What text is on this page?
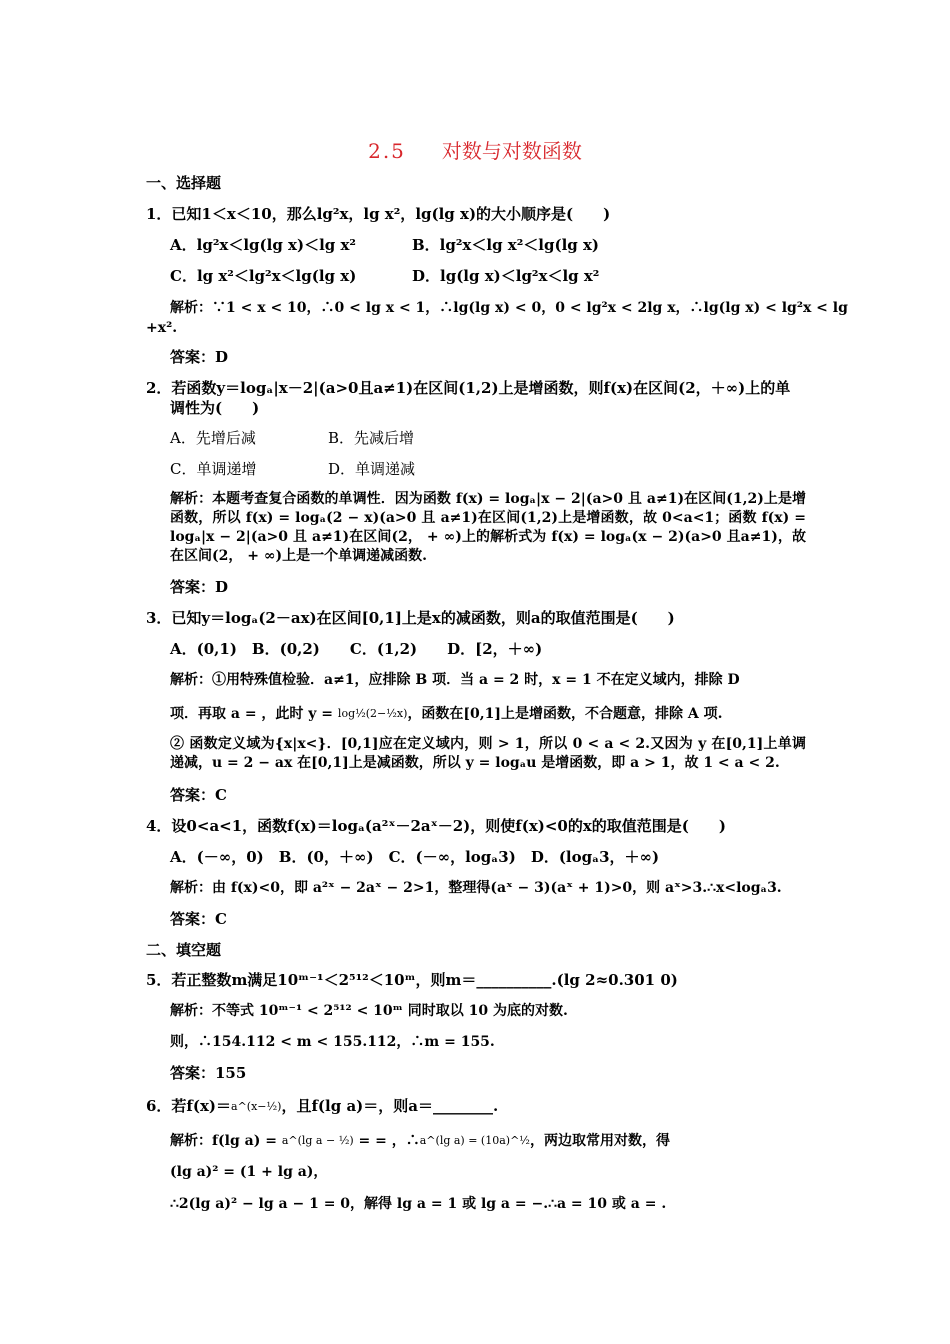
2.5 对数与对数函数
一、选择题
1．已知1＜x＜10，那么lg²x，lg x²，lg(lg x)的大小顺序是(　　)
A．lg²x＜lg(lg x)＜lg x²	B．lg²x＜lg x²＜lg(lg x)
C．lg x²＜lg²x＜lg(lg x)	D．lg(lg x)＜lg²x＜lg x²
解析：∵1 < x < 10，∴0 < lg x < 1，∴lg(lg x) < 0，0 < lg²x < 2lg x，∴lg(lg x) < lg²x < lg
+x².
答案：D
2．若函数y＝logₐ|x－2|(a>0且a≠1)在区间(1,2)上是增函数，则f(x)在区间(2，＋∞)上的单
调性为(　　)
A．先增后减	B．先减后增
C．单调递增	D．单调递减
解析：本题考查复合函数的单调性．因为函数 f(x) = logₐ|x − 2|(a>0 且 a≠1)在区间(1,2)上是增函数，所以 f(x) = logₐ(2 − x)(a>0 且 a≠1)在区间(1,2)上是增函数，故 0<a<1；函数 f(x) = logₐ|x − 2|(a>0 且 a≠1)在区间(2， + ∞)上的解析式为 f(x) = logₐ(x − 2)(a>0 且a≠1)，故在区间(2， + ∞)上是一个单调递减函数.
答案：D
3．已知y＝logₐ(2－ax)在区间[0,1]上是x的减函数，则a的取值范围是(　　)
A．(0,1)　B．(0,2)　　C．(1,2)　　D．[2，＋∞)
解析：①用特殊值检验．a≠1，应排除 B 项．当 a = 2 时，x = 1 不在定义域内，排除 D
项．再取 a = ，此时 y = log½(2−½x)，函数在[0,1]上是增函数，不合题意，排除 A 项.
② 函数定义域为{x|x<}．[0,1]应在定义域内，则 > 1，所以 0 < a < 2.又因为 y 在[0,1]上单调递减，u = 2 − ax 在[0,1]上是减函数，所以 y = logₐu 是增函数，即 a > 1，故 1 < a < 2.
答案：C
4．设0<a<1，函数f(x)＝logₐ(a²ˣ－2aˣ－2)，则使f(x)<0的x的取值范围是(　　)
A．(－∞，0)　B．(0，＋∞)　C．(－∞，logₐ3)　D．(logₐ3，＋∞)
解析：由 f(x)<0，即 a²ˣ − 2aˣ − 2>1，整理得(aˣ − 3)(aˣ + 1)>0，则 aˣ>3.∴x<logₐ3.
答案：C
二、填空题
5．若正整数m满足10ᵐ⁻¹＜2⁵¹²＜10ᵐ，则m＝__________.(lg 2≈0.301 0)
解析：不等式 10ᵐ⁻¹ < 2⁵¹² < 10ᵐ 同时取以 10 为底的对数.
则，∴154.112 < m < 155.112，∴m = 155.
答案：155
6．若f(x)＝a^(x−½)，且f(lg a)＝，则a＝________.
解析：f(lg a) = a^(lg a − ½) = = ，∴a^(lg a) = (10a)^½，两边取常用对数，得
(lg a)² = (1 + lg a)，
∴2(lg a)² − lg a − 1 = 0，解得 lg a = 1 或 lg a = −.∴a = 10 或 a = .
